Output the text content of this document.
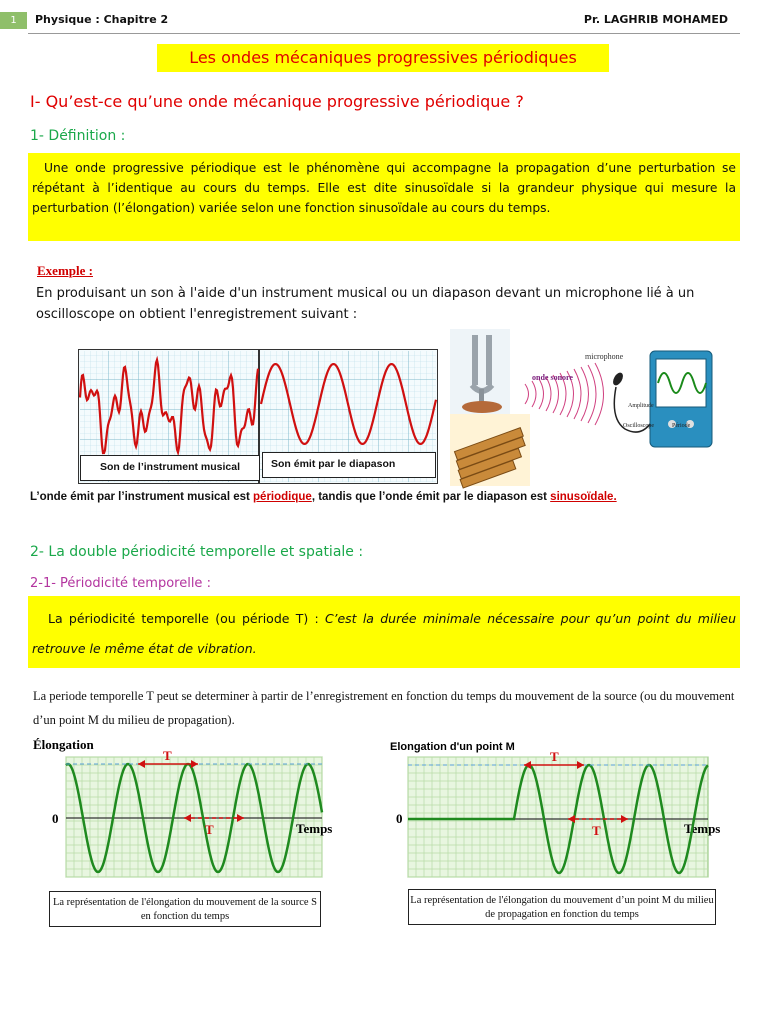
1	Physique : Chapitre 2	Pr. LAGHRIB MOHAMED
Les ondes mécaniques progressives périodiques
I- Qu’est-ce qu’une onde mécanique progressive périodique ?
1- Définition :
Une onde progressive périodique est le phénomène qui accompagne la propagation d’une perturbation se répétant à l’identique au cours du temps. Elle est dite sinusoïdale si la grandeur physique qui mesure la perturbation (l’élongation) variée selon une fonction sinusoïdale au cours du temps.
Exemple :
En produisant un son à l'aide d'un instrument musical ou un diapason devant un microphone lié à un oscilloscope on obtient l'enregistrement suivant :
Son de l’instrument musical	Son émit par le diapason
onde sonore
microphone
Amplitude
Oscilloscope	Période
L’onde émit par l’instrument musical est périodique, tandis que l’onde émit par le diapason est sinusoïdale.
2- La double périodicité temporelle et spatiale :
2-1- Périodicité temporelle :
La périodicité temporelle (ou période T) : C’est la durée minimale nécessaire pour qu’un point du milieu retrouve le même état de vibration.
La periode temporelle T peut se determiner à partir de l’enregistrement en fonction du temps du mouvement de la source (ou du mouvement d’un point M du milieu de propagation).
Élongation
0
Temps
T
T
La représentation de l'élongation du mouvement de la source S en fonction du temps
Elongation d'un point M
0
Temps
T
T
La représentation de l'élongation du mouvement d’un point M du milieu de propagation en fonction du temps
